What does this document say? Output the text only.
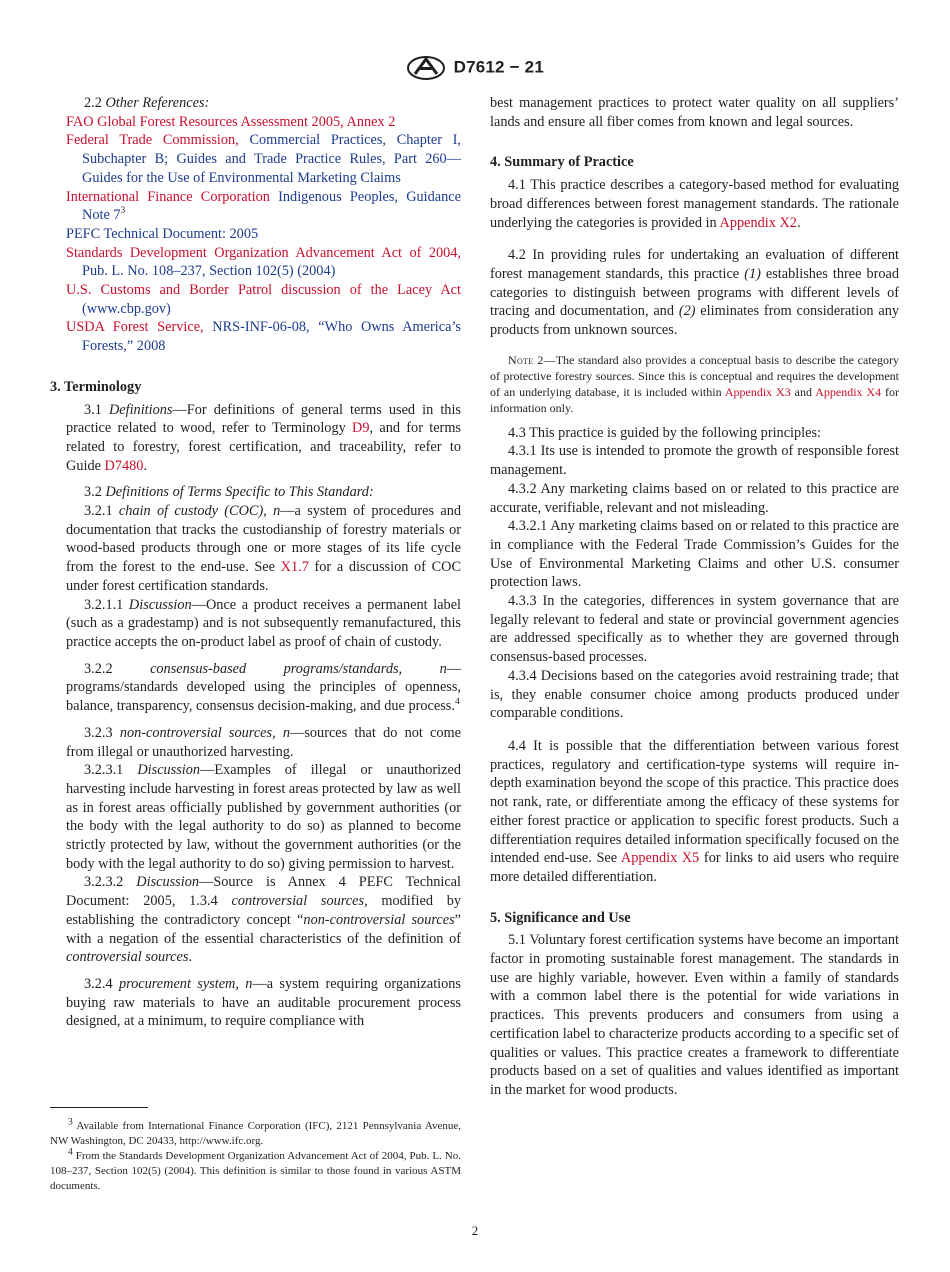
D7612 − 21

2.2 Other References:

FAO Global Forest Resources Assessment 2005, Annex 2

Federal Trade Commission, Commercial Practices, Chapter I, Subchapter B; Guides and Trade Practice Rules, Part 260—Guides for the Use of Environmental Marketing Claims

International Finance Corporation Indigenous Peoples, Guidance Note $7^3$

PEFC Technical Document: 2005

Standards Development Organization Advancement Act of 2004, Pub. L. No. 108–237, Section 102(5) (2004)

U.S. Customs and Border Patrol discussion of the Lacey Act (www.cbp.gov)

USDA Forest Service, NRS-INF-06-08, “Who Owns America’s Forests,” 2008

3. Terminology

3.1 Definitions—For definitions of general terms used in this practice related to wood, refer to Terminology D9, and for terms related to forestry, forest certification, and traceability, refer to Guide D7480.

3.2 Definitions of Terms Specific to This Standard:

3.2.1 chain of custody (COC), n—a system of procedures and documentation that tracks the custodianship of forestry materials or wood-based products through one or more stages of its life cycle from the forest to the end-use. See X1.7 for a discussion of COC under forest certification standards.

3.2.1.1 Discussion—Once a product receives a permanent label (such as a gradestamp) and is not subsequently remanufactured, this practice accepts the on-product label as proof of chain of custody.

3.2.2 consensus-based programs/standards, n—programs/standards developed using the principles of openness, balance, transparency, consensus decision-making, and due process.$^4$

3.2.3 non-controversial sources, n—sources that do not come from illegal or unauthorized harvesting.

3.2.3.1 Discussion—Examples of illegal or unauthorized harvesting include harvesting in forest areas protected by law as well as in forest areas officially published by government authorities (or the body with the legal authority to do so) as planned to become strictly protected by law, without the government authorities (or the body with the legal authority to do so) giving permission to harvest.

3.2.3.2 Discussion—Source is Annex 4 PEFC Technical Document: 2005, 1.3.4 controversial sources, modified by establishing the contradictory concept “non-controversial sources” with a negation of the essential characteristics of the definition of controversial sources.

3.2.4 procurement system, n—a system requiring organizations buying raw materials to have an auditable procurement process designed, at a minimum, to require compliance with

best management practices to protect water quality on all suppliers’ lands and ensure all fiber comes from known and legal sources.

4. Summary of Practice

4.1 This practice describes a category-based method for evaluating broad differences between forest management standards. The rationale underlying the categories is provided in Appendix X2.

4.2 In providing rules for undertaking an evaluation of different forest management standards, this practice (1) establishes three broad categories to distinguish between programs with different levels of tracing and documentation, and (2) eliminates from consideration any products from unknown sources.

Note 2—The standard also provides a conceptual basis to describe the category of protective forestry sources. Since this is conceptual and requires the development of an underlying database, it is included within Appendix X3 and Appendix X4 for information only.

4.3 This practice is guided by the following principles:

4.3.1 Its use is intended to promote the growth of responsible forest management.

4.3.2 Any marketing claims based on or related to this practice are accurate, verifiable, relevant and not misleading.

4.3.2.1 Any marketing claims based on or related to this practice are in compliance with the Federal Trade Commission’s Guides for the Use of Environmental Marketing Claims and other U.S. consumer protection laws.

4.3.3 In the categories, differences in system governance that are legally relevant to federal and state or provincial government agencies are addressed specifically as to whether they are governed through consensus-based processes.

4.3.4 Decisions based on the categories avoid restraining trade; that is, they enable consumer choice among products produced under comparable conditions.

4.4 It is possible that the differentiation between various forest practices, regulatory and certification-type systems will require in-depth examination beyond the scope of this practice. This practice does not rank, rate, or differentiate among the efficacy of these systems for either forest practice or application to specific forest products. Such a differentiation requires detailed information specifically focused on the intended end-use. See Appendix X5 for links to aid users who require more detailed differentiation.

5. Significance and Use

5.1 Voluntary forest certification systems have become an important factor in promoting sustainable forest management. The standards in use are highly variable, however. Even within a family of standards with a common label there is the potential for wide variations in practices. This prevents producers and consumers from using a certification label to characterize products according to a specific set of qualities or values. This practice creates a framework to differentiate products based on a set of qualities and values identified as important in the market for wood products.

$^3$ Available from International Finance Corporation (IFC), 2121 Pennsylvania Avenue, NW Washington, DC 20433, http://www.ifc.org.

$^4$ From the Standards Development Organization Advancement Act of 2004, Pub. L. No. 108–237, Section 102(5) (2004). This definition is similar to those found in various ASTM documents.

2
